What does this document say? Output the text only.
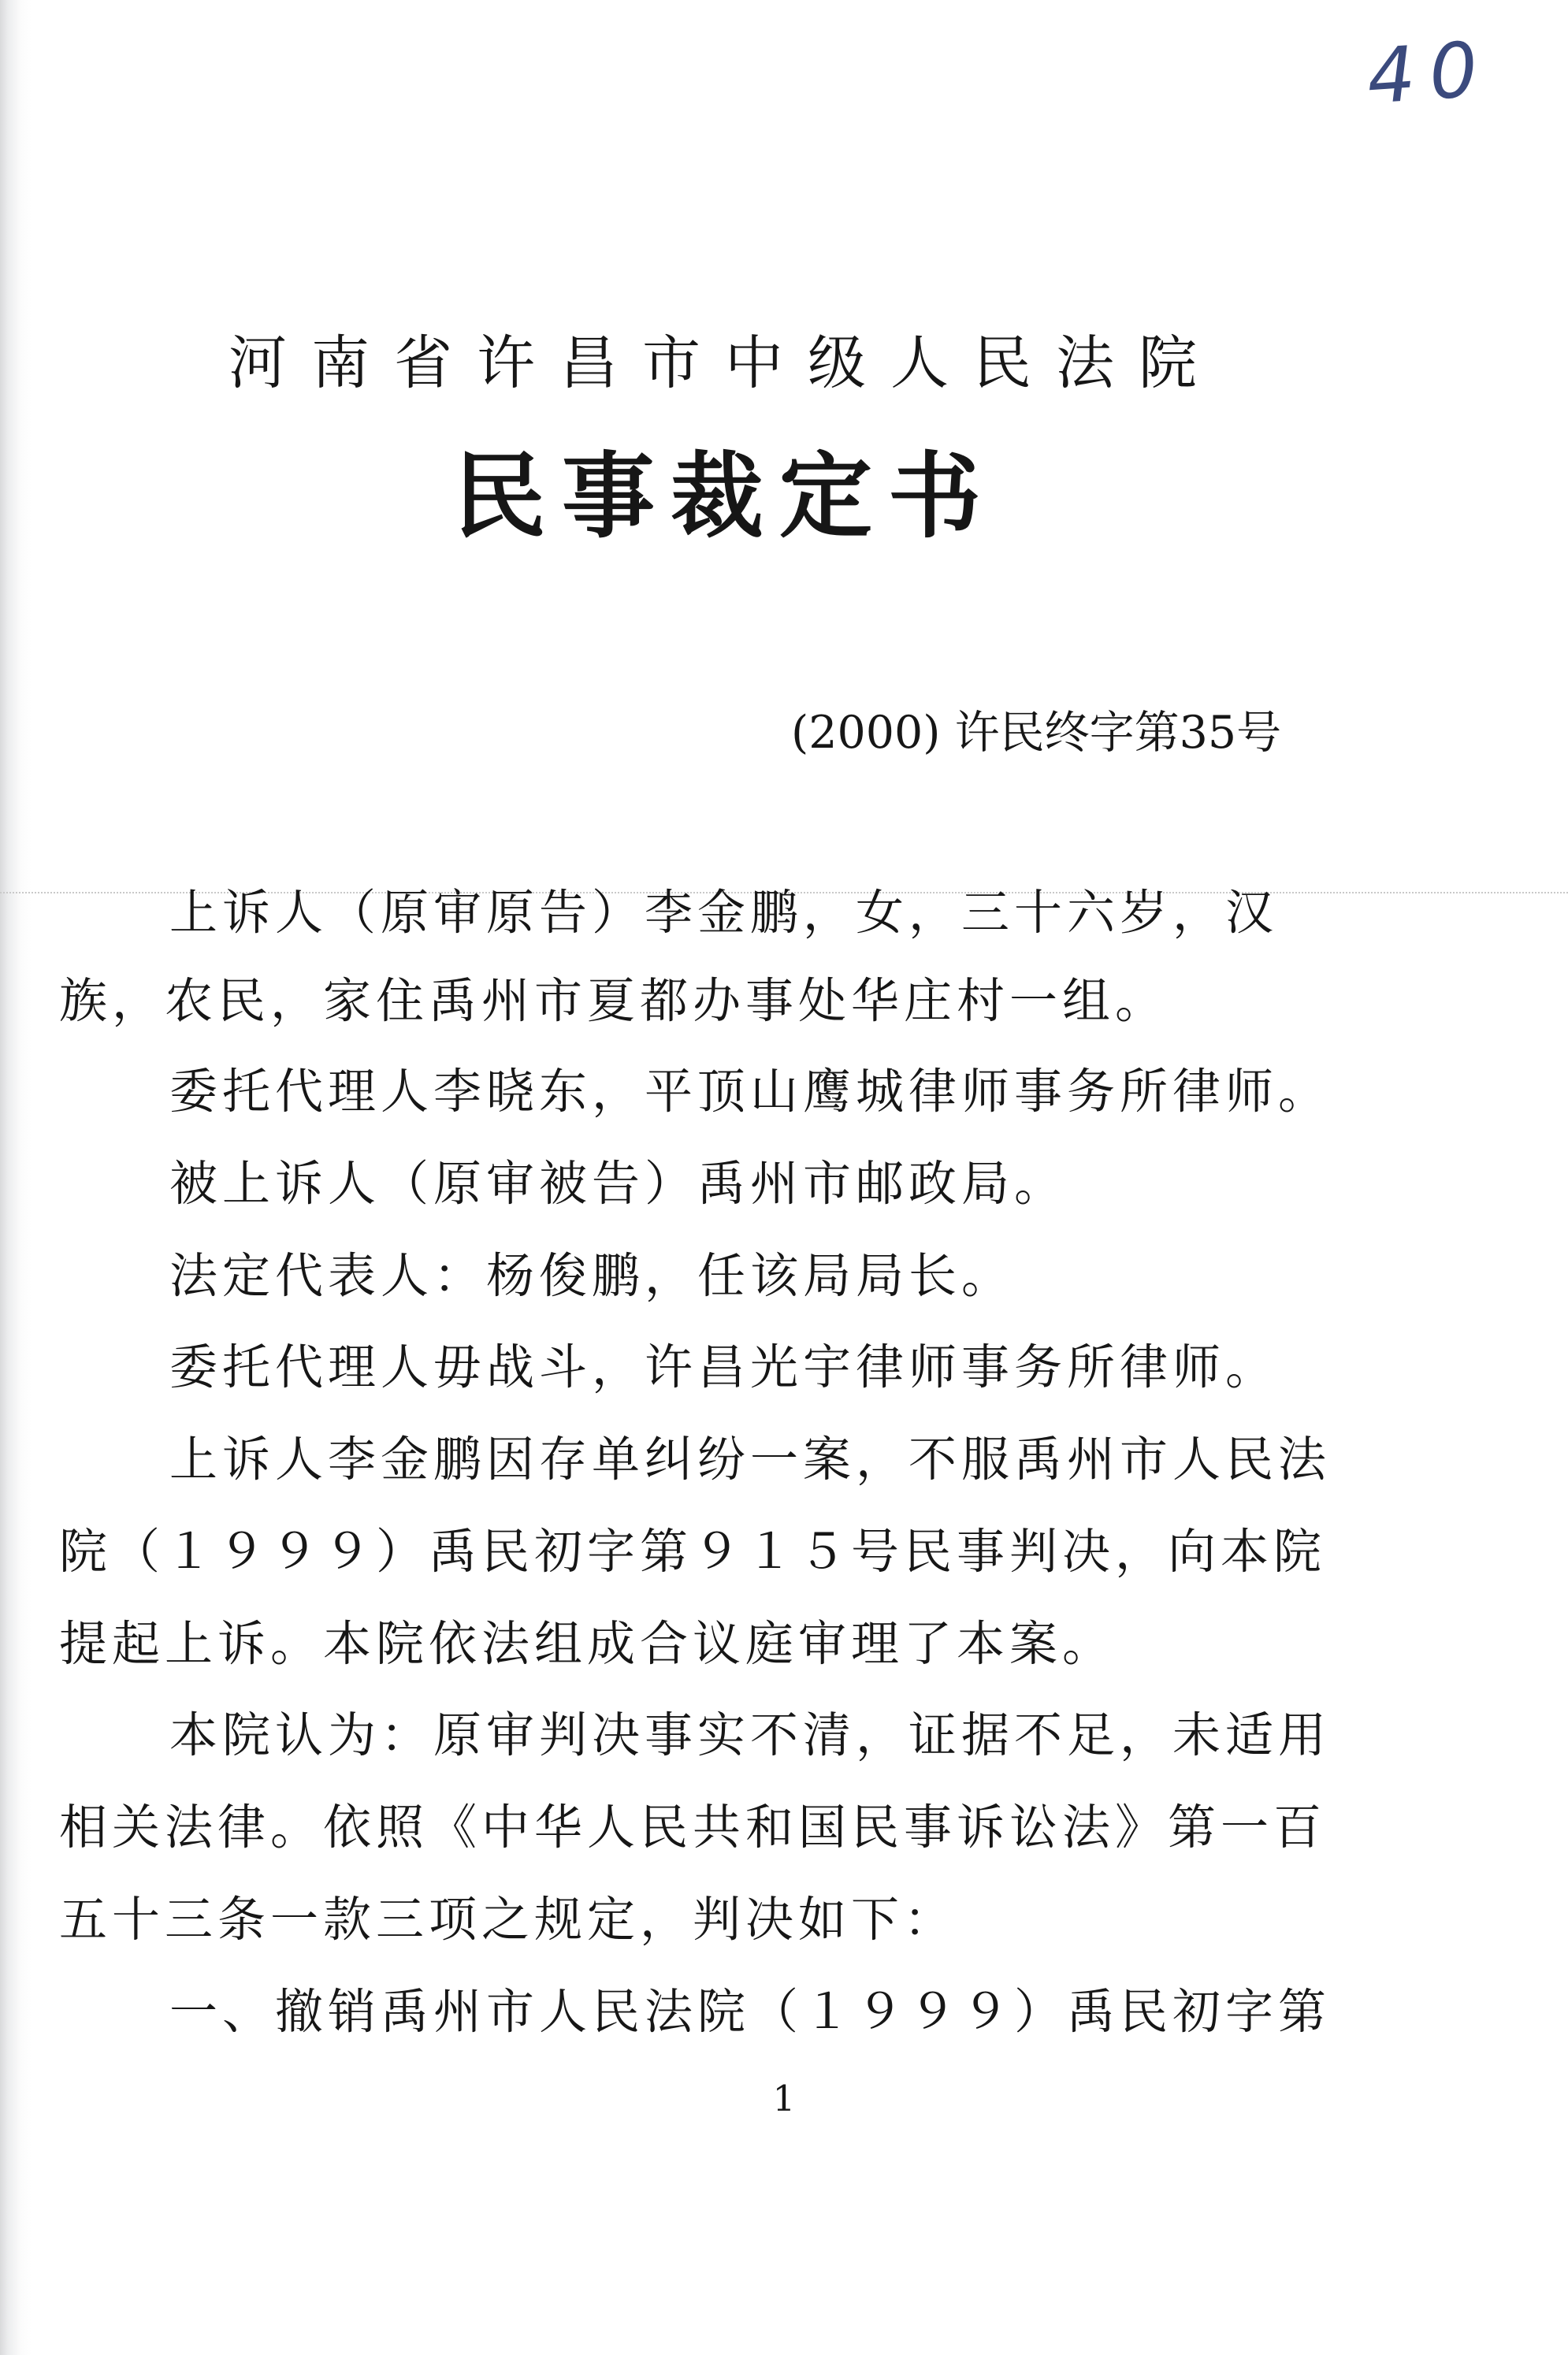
40
河南省许昌市中级人民法院
民事裁定书
(2000) 许民终字第35号
上诉人（原审原告）李金鹏，女，三十六岁，汉
族，农民，家住禹州市夏都办事处华庄村一组。
委托代理人李晓东，平顶山鹰城律师事务所律师。
被上诉人（原审被告）禹州市邮政局。
法定代表人：杨俊鹏，任该局局长。
委托代理人毋战斗，许昌光宇律师事务所律师。
上诉人李金鹏因存单纠纷一案，不服禹州市人民法
院（１９９９）禹民初字第９１５号民事判决，向本院
提起上诉。本院依法组成合议庭审理了本案。
本院认为：原审判决事实不清，证据不足，未适用
相关法律。依照《中华人民共和国民事诉讼法》第一百
五十三条一款三项之规定，判决如下：
一、撤销禹州市人民法院（１９９９）禹民初字第
1
